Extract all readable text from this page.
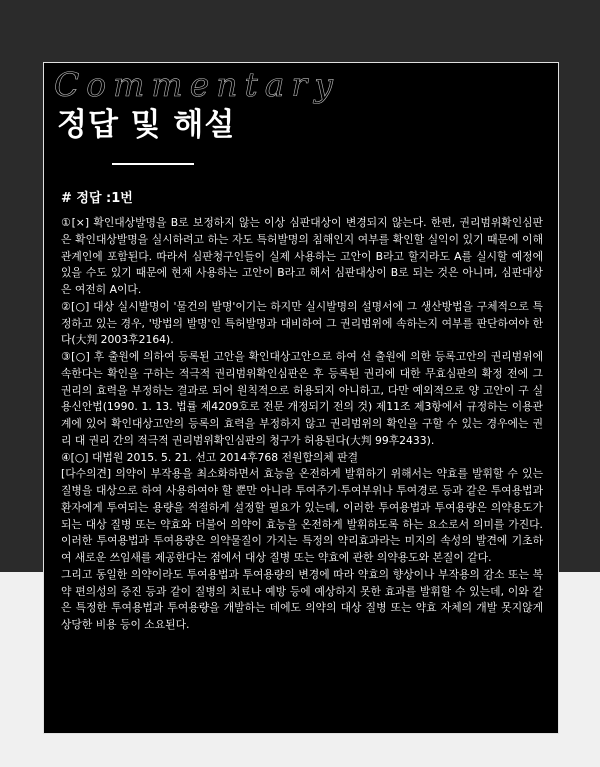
Commentary
정답 및 해설
# 정답 :1번

①[×] 확인대상발명을 B로 보정하지 않는 이상 심판대상이 변경되지 않는다. 한편, 권리범위확인심판은 확인대상발명을 실시하려고 하는 자도 특허발명의 침해인지 여부를 확인할 실익이 있기 때문에 이해관계인에 포함된다. 따라서 심판청구인들이 실제 사용하는 고안이 B라고 할지라도 A를 실시할 예정에 있을 수도 있기 때문에 현재 사용하는 고안이 B라고 해서 심판대상이 B로 되는 것은 아니며, 심판대상은 여전히 A이다.

②[○] 대상 실시발명이 '물건의 발명'이기는 하지만 실시발명의 설명서에 그 생산방법을 구체적으로 특정하고 있는 경우, '방법의 발명'인 특허발명과 대비하여 그 권리범위에 속하는지 여부를 판단하여야 한다(大判 2003후2164).

③[○] 후 출원에 의하여 등록된 고안을 확인대상고안으로 하여 선 출원에 의한 등록고안의 권리범위에 속한다는 확인을 구하는 적극적 권리범위확인심판은 후 등록된 권리에 대한 무효심판의 확정 전에 그 권리의 효력을 부정하는 결과로 되어 원칙적으로 허용되지 아니하고, 다만 예외적으로 양 고안이 구 실용신안법(1990. 1. 13. 법률 제4209호로 전문 개정되기 전의 것) 제11조 제3항에서 규정하는 이용관계에 있어 확인대상고안의 등록의 효력을 부정하지 않고 권리범위의 확인을 구할 수 있는 경우에는 권리 대 권리 간의 적극적 권리범위확인심판의 청구가 허용된다(大判 99후2433).

④[○] 대법원 2015. 5. 21. 선고 2014후768 전원합의체 판결

[다수의견] 의약이 부작용을 최소화하면서 효능을 온전하게 발휘하기 위해서는 약효를 발휘할 수 있는 질병을 대상으로 하여 사용하여야 할 뿐만 아니라 투여주기·투여부위나 투여경로 등과 같은 투여용법과 환자에게 투여되는 용량을 적절하게 설정할 필요가 있는데, 이러한 투여용법과 투여용량은 의약용도가 되는 대상 질병 또는 약효와 더불어 의약이 효능을 온전하게 발휘하도록 하는 요소로서 의미를 가진다. 이러한 투여용법과 투여용량은 의약물질이 가지는 특정의 약리효과라는 미지의 속성의 발견에 기초하여 새로운 쓰임새를 제공한다는 점에서 대상 질병 또는 약효에 관한 의약용도와 본질이 같다.

그리고 동일한 의약이라도 투여용법과 투여용량의 변경에 따라 약효의 향상이나 부작용의 감소 또는 복약 편의성의 증진 등과 같이 질병의 치료나 예방 등에 예상하지 못한 효과를 발휘할 수 있는데, 이와 같은 특정한 투여용법과 투여용량을 개발하는 데에도 의약의 대상 질병 또는 약효 자체의 개발 못지않게 상당한 비용 등이 소요된다.
